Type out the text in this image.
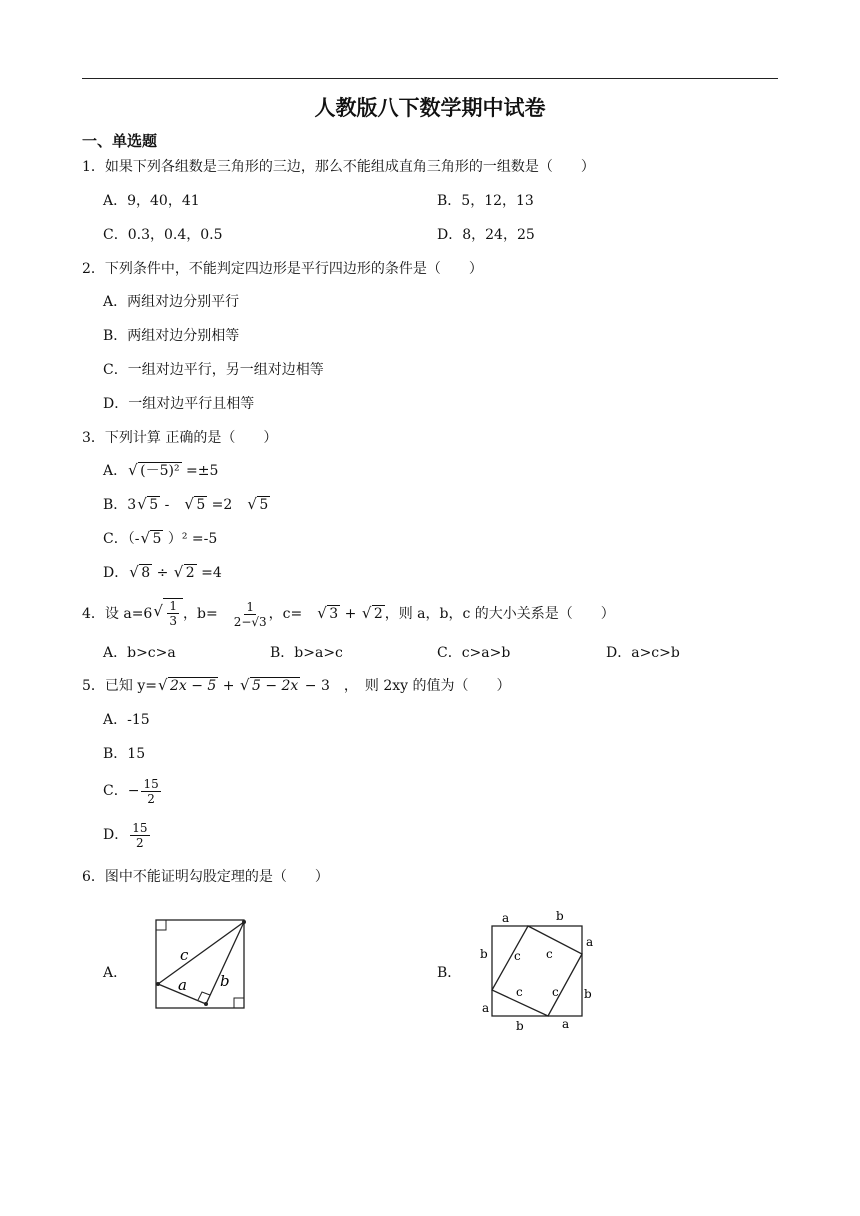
人教版八下数学期中试卷
一、单选题
1．如果下列各组数是三角形的三边，那么不能组成直角三角形的一组数是（　　）
A．9，40，41	B．5，12，13
C．0.3，0.4，0.5	D．8，24，25
2．下列条件中，不能判定四边形是平行四边形的条件是（　　）
A．两组对边分别平行
B．两组对边分别相等
C．一组对边平行，另一组对边相等
D．一组对边平行且相等
3．下列计算 正确的是（　　）
A． √ (－5)² =±5
B．3 √ 5 -　√ 5 =2　√ 5
C．（- √ 5 ）² =-5
D． √ 8 ÷ √ 2 =4
4．设 a=6 √ $\frac{1}{3}$ ，b=　 $\frac{1}{2-√3}$ ，c=　√ 3 + √ 2 ，则 a，b，c 的大小关系是（　　）
A．b>c>a	B．b>a>c	C．c>a>b	D．a>c>b
5．已知 y= √ 2x − 5 + √ 5 − 2x − 3　，　则 2xy 的值为（　　）
A．-15
B．15
C．− $\frac{15}{2}$
D． $\frac{15}{2}$
6．图中不能证明勾股定理的是（　　）
A．	B．
c
a b
a	b
a
b c c
c c b
a
b	a
